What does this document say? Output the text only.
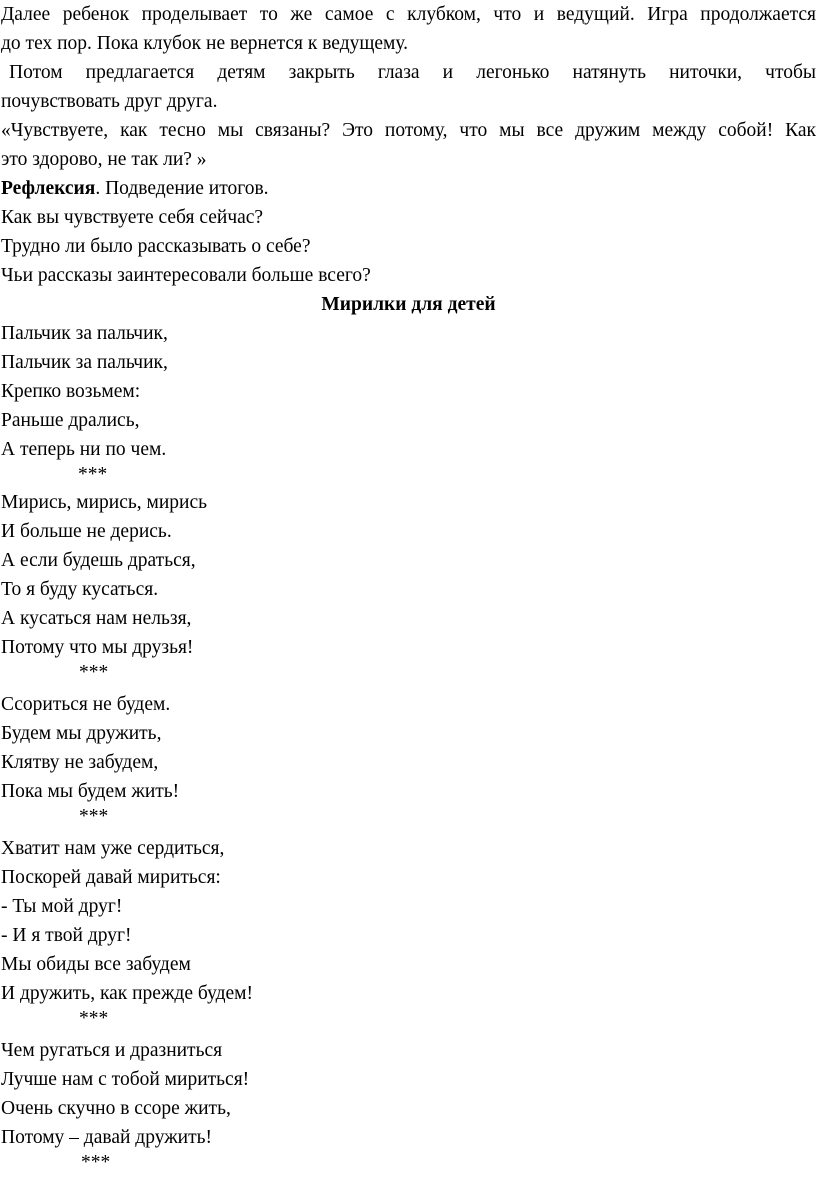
Далее ребенок проделывает то же самое с клубком, что и ведущий. Игра продолжается

до тех пор. Пока клубок не вернется к ведущему.

Потом предлагается детям закрыть глаза и легонько натянуть ниточки, чтобы

почувствовать друг друга.

«Чувствуете, как тесно мы связаны? Это потому, что мы все дружим между собой! Как

это здорово, не так ли? »

Рефлексия. Подведение итогов.

Как вы чувствуете себя сейчас?

Трудно ли было рассказывать о себе?

Чьи рассказы заинтересовали больше всего?

Мирилки для детей

Пальчик за пальчик,

Пальчик за пальчик,

Крепко возьмем:

Раньше дрались,

А теперь ни по чем.

***

Мирись, мирись, мирись

И больше не дерись.

А если будешь драться,

То я буду кусаться.

А кусаться нам нельзя,

Потому что мы друзья!

***

Ссориться не будем.

Будем мы дружить,

Клятву не забудем,

Пока мы будем жить!

***

Хватит нам уже сердиться,

Поскорей давай мириться:

- Ты мой друг!

- И я твой друг!

Мы обиды все забудем

И дружить, как прежде будем!

***

Чем ругаться и дразниться

Лучше нам с тобой мириться!

Очень скучно в ссоре жить,

Потому – давай дружить!

***
